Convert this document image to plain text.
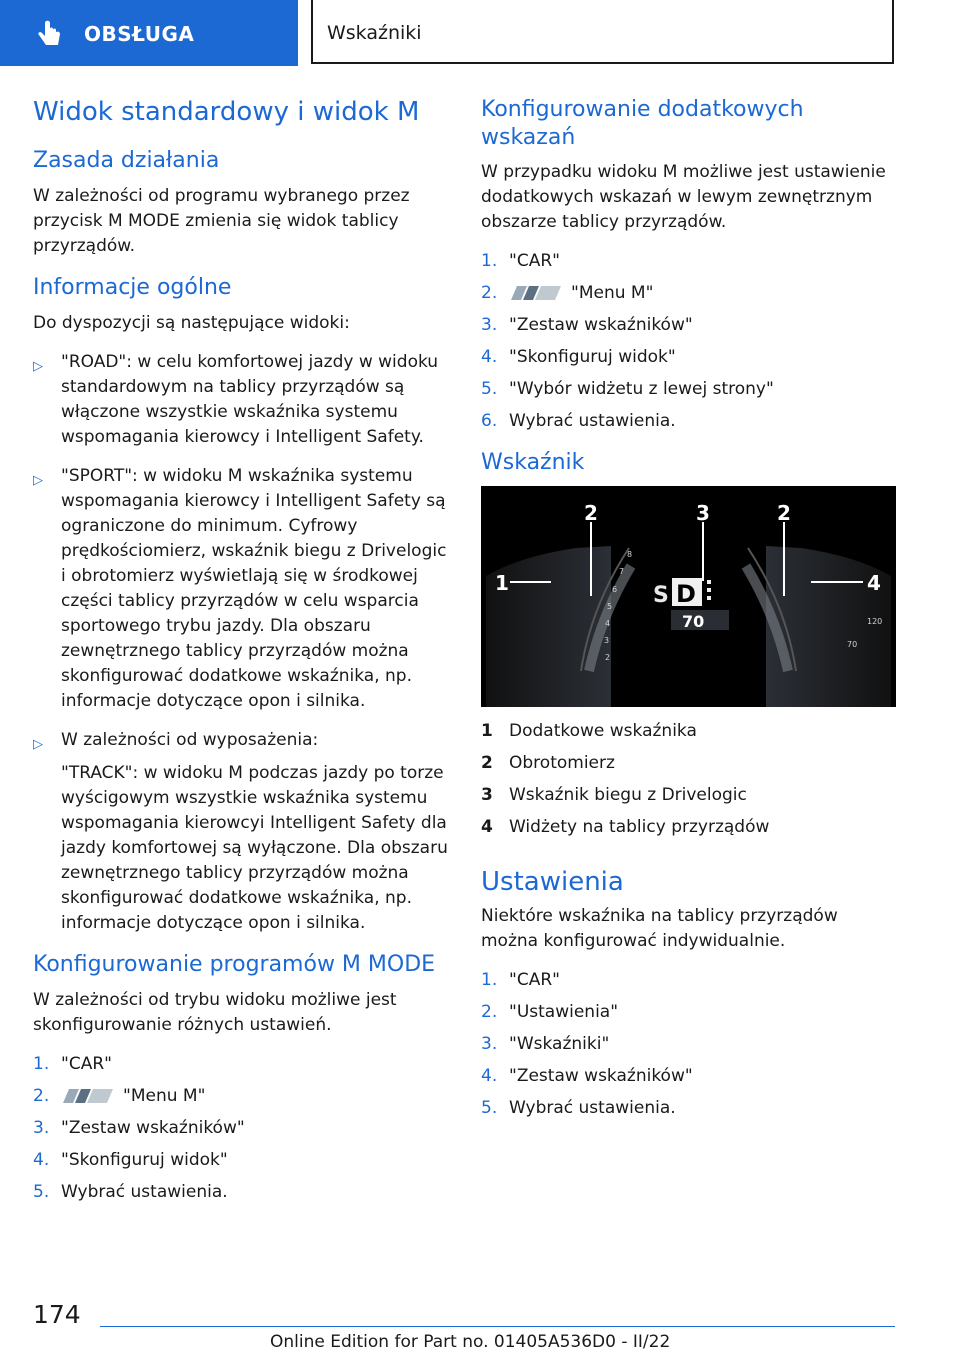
OBSŁUGA	Wskaźniki
Widok standardowy i widok M
Zasada działania

W zależności od programu wybranego przez przycisk M MODE zmienia się widok tablicy przyrządów.

Informacje ogólne

Do dyspozycji są następujące widoki:

▷ "ROAD": w celu komfortowej jazdy w widoku standardowym na tablicy przyrządów są włączone wszystkie wskaźnika systemu wspomagania kierowcy i Intelligent Safety.
▷ "SPORT": w widoku M wskaźnika systemu wspomagania kierowcy i Intelligent Safety są ograniczone do minimum. Cyfrowy prędkościomierz, wskaźnik biegu z Drivelogic i obrotomierz wyświetlają się w środkowej części tablicy przyrządów w celu wsparcia sportowego trybu jazdy. Dla obszaru zewnętrznego tablicy przyrządów można skonfigurować dodatkowe wskaźnika, np. informacje dotyczące opon i silnika.
▷ W zależności od wyposażenia:

"TRACK": w widoku M podczas jazdy po torze wyścigowym wszystkie wskaźnika systemu wspomagania kierowcyi Intelligent Safety dla jazdy komfortowej są wyłączone. Dla obszaru zewnętrznego tablicy przyrządów można skonfigurować dodatkowe wskaźnika, np. informacje dotyczące opon i silnika.

Konfigurowanie programów M MODE

W zależności od trybu widoku możliwe jest skonfigurowanie różnych ustawień.

1. "CAR"
2.	"Menu M"
3. "Zestaw wskaźników"
4. "Skonfiguruj widok"
5. Wybrać ustawienia.
Konfigurowanie dodatkowych wskazań

W przypadku widoku M możliwe jest ustawienie dodatkowych wskazań w lewym zewnętrznym obszarze tablicy przyrządów.

1. "CAR"
2.	"Menu M"
3. "Zestaw wskaźników"
4. "Skonfiguruj widok"
5. "Wybór widżetu z lewej strony"
6. Wybrać ustawienia.
Wskaźnik
8
7
6
5
4
3
2
120
70
S D
70
1
2	3	2
4
1 Dodatkowe wskaźnika
2 Obrotomierz
3 Wskaźnik biegu z Drivelogic
4 Widżety na tablicy przyrządów
Ustawienia

Niektóre wskaźnika na tablicy przyrządów można konfigurować indywidualnie.

1. "CAR"
2. "Ustawienia"
3. "Wskaźniki"
4. "Zestaw wskaźników"
5. Wybrać ustawienia.
174
Online Edition for Part no. 01405A536D0 - II/22
